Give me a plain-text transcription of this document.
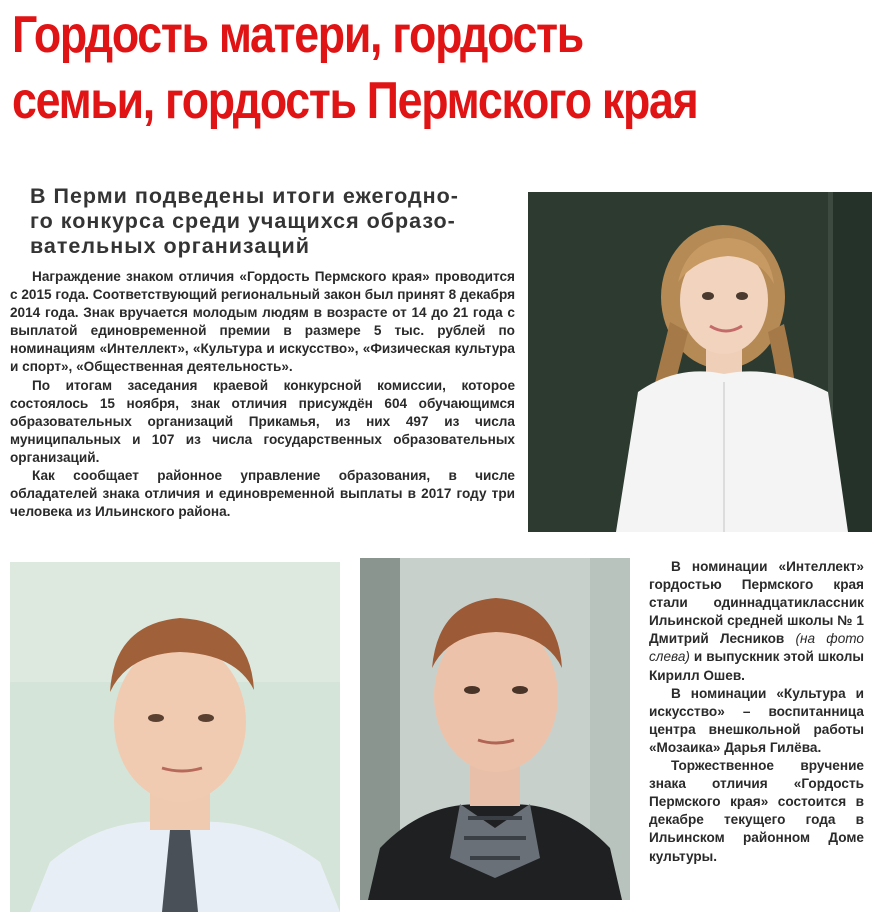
Гордость матери, гордость
семьи, гордость Пермского края
В Перми подведены итоги ежегодно-
го конкурса среди учащихся образо-
вательных организаций

Награждение знаком отличия «Гордость Пермского края» проводится с 2015 года. Соответствующий региональный закон был принят 8 декабря 2014 года. Знак вручается молодым людям в возрасте от 14 до 21 года с выплатой единовременной премии в размере 5 тыс. рублей по номинациям «Интеллект», «Культура и искусство», «Физическая культура и спорт», «Общественная деятельность».

По итогам заседания краевой конкурсной комиссии, которое состоялось 15 ноября, знак отличия присуждён 604 обучающимся образовательных организаций Прикамья, из них 497 из числа муниципальных и 107 из числа государственных образовательных организаций.

Как сообщает районное управление образования, в числе обладателей знака отличия и единовременной выплаты в 2017 году три человека из Ильинского района.

В номинации «Интеллект» гордостью Пермского края стали одиннадцатиклассник Ильинской средней школы № 1 Дмитрий Лесников (на фото слева) и выпускник этой школы Кирилл Ошев.

В номинации «Культура и искусство» – воспитанница центра внешкольной работы «Мозаика» Дарья Гилёва.

Торжественное вручение знака отличия «Гордость Пермского края» состоится в декабре текущего года в Ильинском районном Доме культуры.
